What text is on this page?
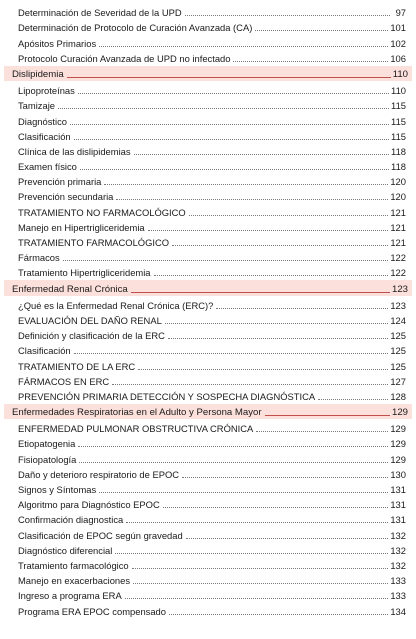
Determinación de Severidad de la UPD	97
Determinación de Protocolo de Curación Avanzada (CA)	101
Apósitos Primarios	102
Protocolo Curación Avanzada de UPD no infectado	106
Dislipidemia	110
Lipoproteínas	110
Tamizaje	115
Diagnóstico	115
Clasificación	115
Clínica de las dislipidemias	118
Examen físico	118
Prevención primaria	120
Prevención secundaria	120
TRATAMIENTO NO FARMACOLÓGICO	121
Manejo en Hipertrigliceridemia	121
TRATAMIENTO FARMACOLÓGICO	121
Fármacos	122
Tratamiento Hipertrigliceridemia	122
Enfermedad Renal Crónica	123
¿Qué es la Enfermedad Renal Crónica (ERC)?	123
EVALUACIÓN DEL DAÑO RENAL	124
Definición y clasificación de la ERC	125
Clasificación	125
TRATAMIENTO DE LA ERC	125
FÁRMACOS EN ERC	127
PREVENCIÓN PRIMARIA DETECCIÓN Y SOSPECHA DIAGNÓSTICA	128
Enfermedades Respiratorias en el Adulto y Persona Mayor	129
ENFERMEDAD PULMONAR OBSTRUCTIVA CRÓNICA	129
Etiopatogenia	129
Fisiopatología	129
Daño y deterioro respiratorio de EPOC	130
Signos y Síntomas	131
Algoritmo para Diagnóstico EPOC	131
Confirmación diagnostica	131
Clasificación de EPOC según gravedad	132
Diagnóstico diferencial	132
Tratamiento farmacológico	132
Manejo en exacerbaciones	133
Ingreso a programa ERA	133
Programa ERA EPOC compensado	134
